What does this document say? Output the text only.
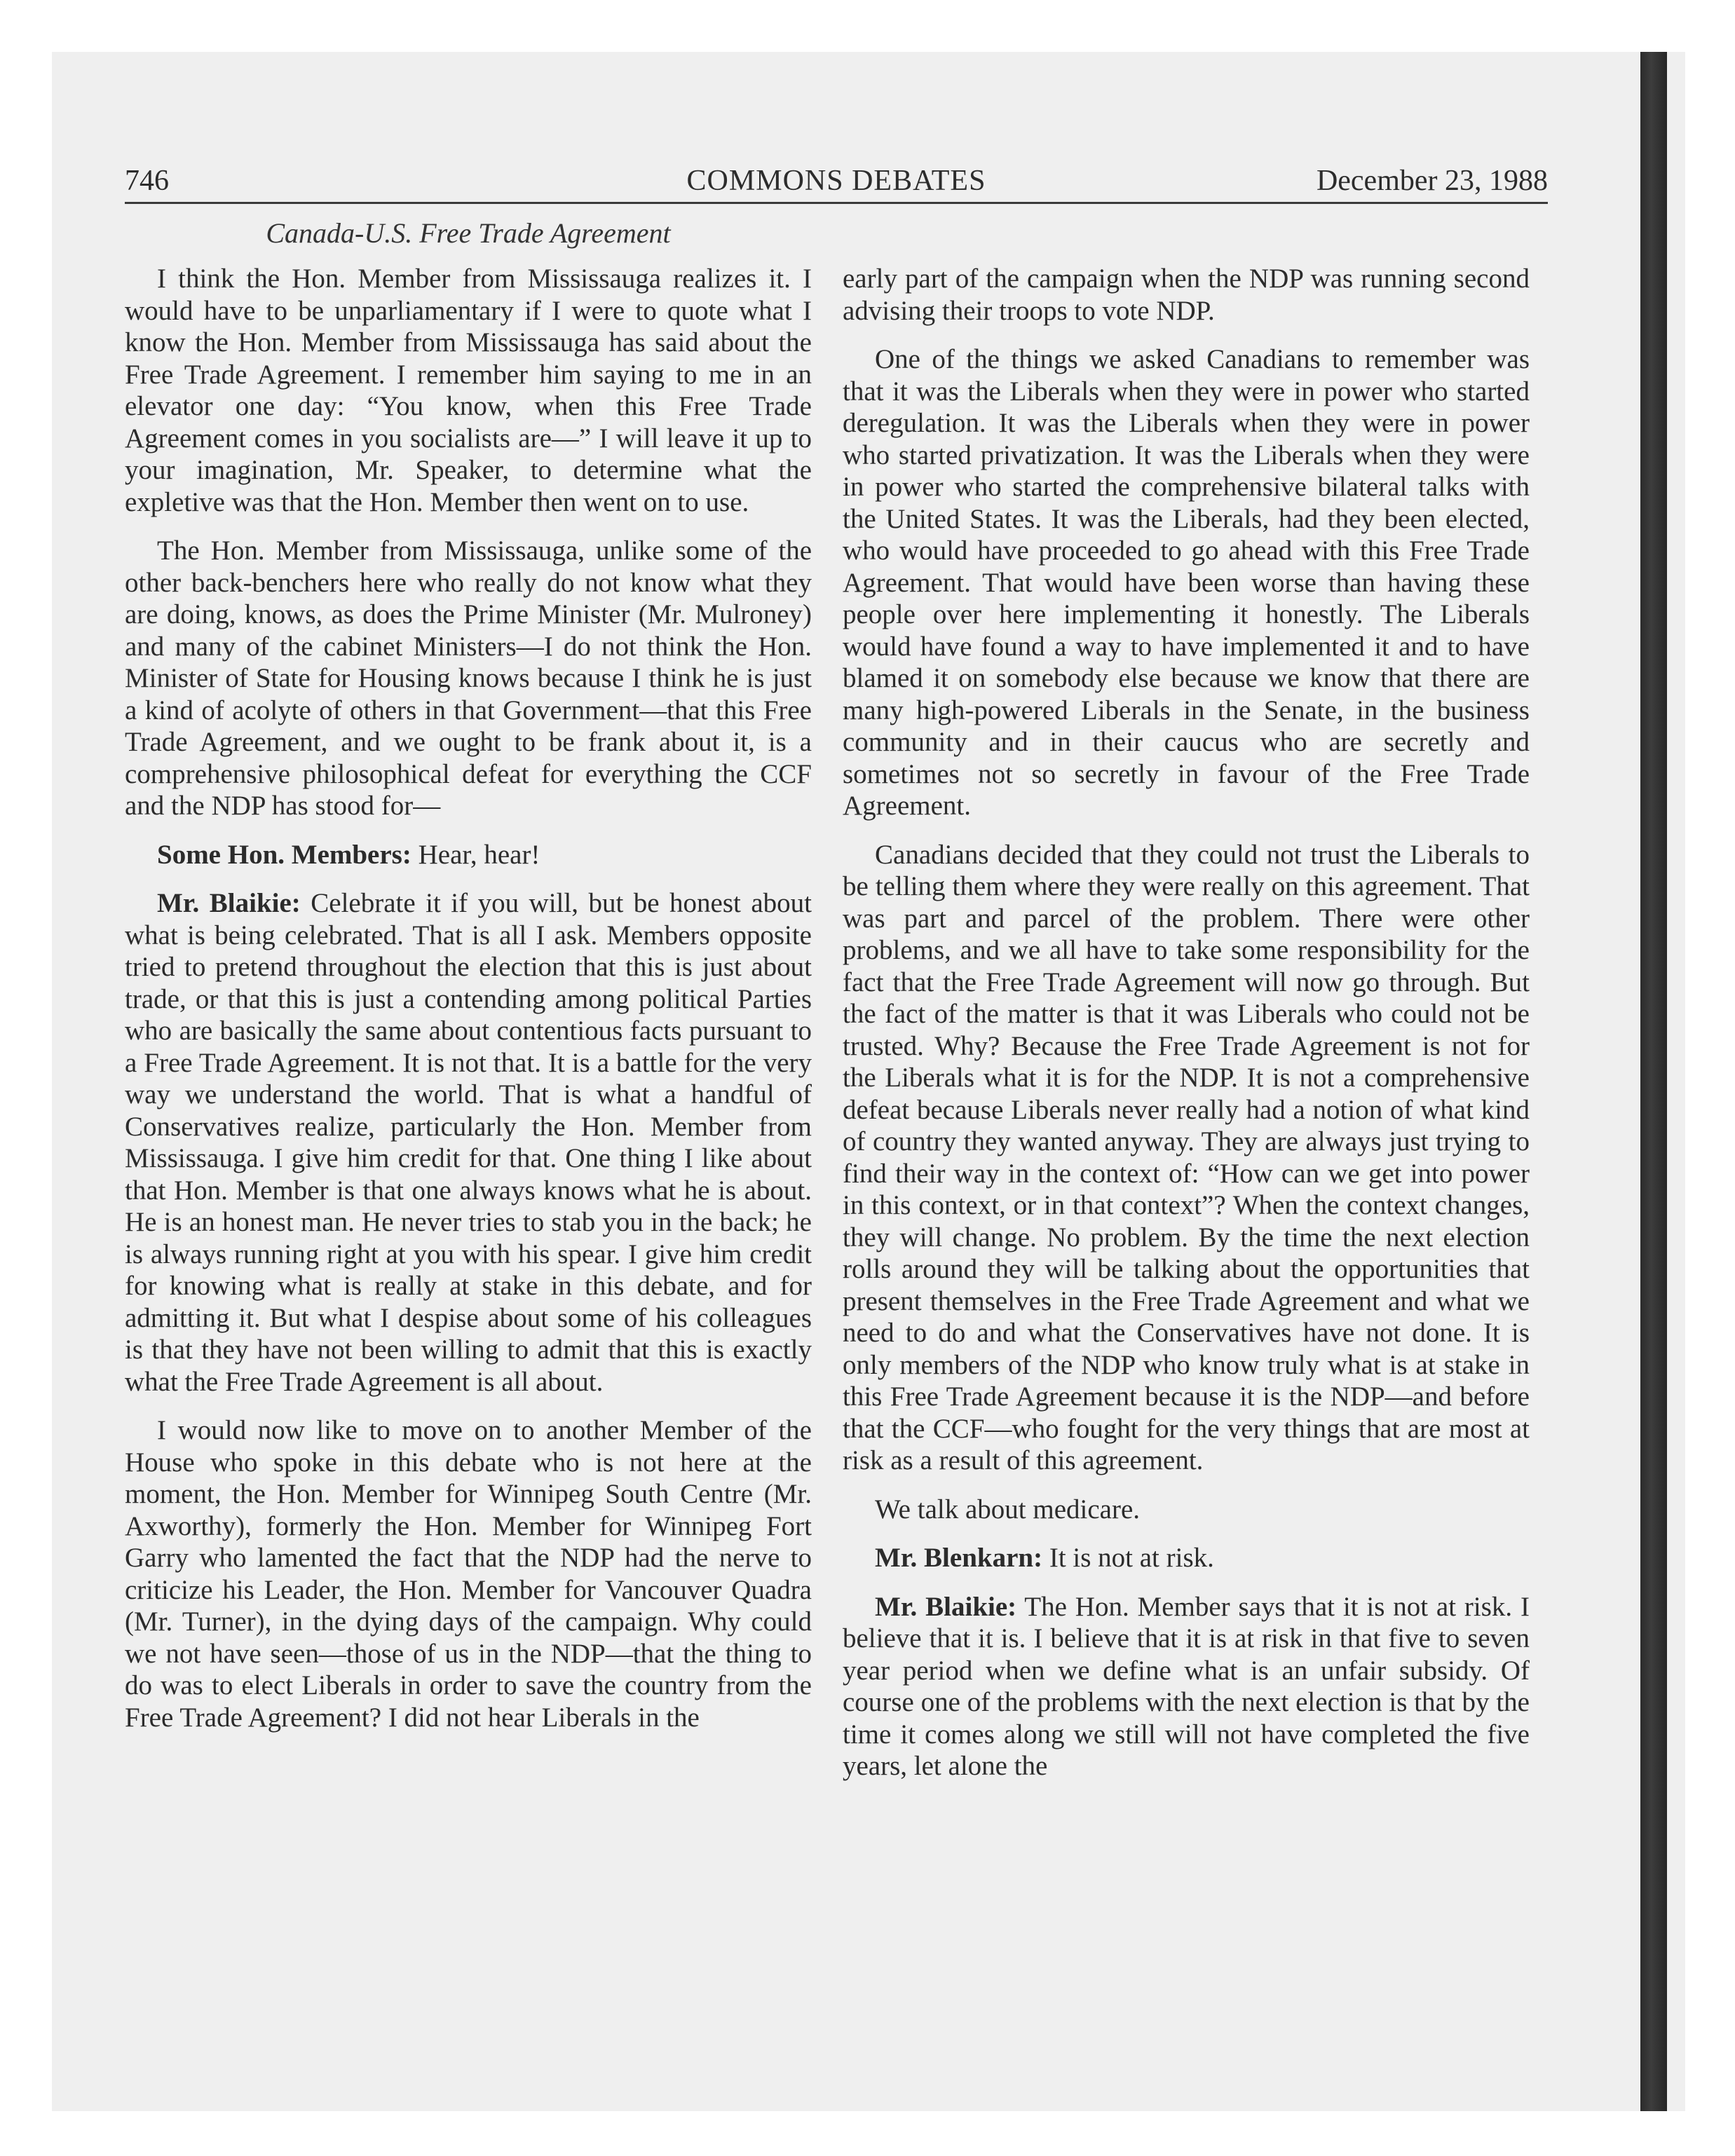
746	COMMONS DEBATES	December 23, 1988
Canada-U.S. Free Trade Agreement

I think the Hon. Member from Mississauga realizes it. I would have to be unparliamentary if I were to quote what I know the Hon. Member from Mississauga has said about the Free Trade Agreement. I remember him saying to me in an elevator one day: “You know, when this Free Trade Agreement comes in you socialists are—” I will leave it up to your imagination, Mr. Speaker, to determine what the expletive was that the Hon. Member then went on to use.

The Hon. Member from Mississauga, unlike some of the other back-benchers here who really do not know what they are doing, knows, as does the Prime Minister (Mr. Mulroney) and many of the cabinet Ministers—I do not think the Hon. Minister of State for Housing knows because I think he is just a kind of acolyte of others in that Government—that this Free Trade Agreement, and we ought to be frank about it, is a comprehensive philosophical defeat for everything the CCF and the NDP has stood for—

Some Hon. Members: Hear, hear!

Mr. Blaikie: Celebrate it if you will, but be honest about what is being celebrated. That is all I ask. Members opposite tried to pretend throughout the election that this is just about trade, or that this is just a contending among political Parties who are basically the same about contentious facts pursuant to a Free Trade Agreement. It is not that. It is a battle for the very way we understand the world. That is what a handful of Conservatives realize, particularly the Hon. Member from Mississauga. I give him credit for that. One thing I like about that Hon. Member is that one always knows what he is about. He is an honest man. He never tries to stab you in the back; he is always running right at you with his spear. I give him credit for knowing what is really at stake in this debate, and for admitting it. But what I despise about some of his colleagues is that they have not been willing to admit that this is exactly what the Free Trade Agreement is all about.

I would now like to move on to another Member of the House who spoke in this debate who is not here at the moment, the Hon. Member for Winnipeg South Centre (Mr. Axworthy), formerly the Hon. Member for Winnipeg Fort Garry who lamented the fact that the NDP had the nerve to criticize his Leader, the Hon. Member for Vancouver Quadra (Mr. Turner), in the dying days of the campaign. Why could we not have seen—those of us in the NDP—that the thing to do was to elect Liberals in order to save the country from the Free Trade Agreement? I did not hear Liberals in the

early part of the campaign when the NDP was running second advising their troops to vote NDP.

One of the things we asked Canadians to remember was that it was the Liberals when they were in power who started deregulation. It was the Liberals when they were in power who started privatization. It was the Liberals when they were in power who started the comprehensive bilateral talks with the United States. It was the Liberals, had they been elected, who would have proceeded to go ahead with this Free Trade Agreement. That would have been worse than having these people over here implementing it honestly. The Liberals would have found a way to have implemented it and to have blamed it on somebody else because we know that there are many high-powered Liberals in the Senate, in the business community and in their caucus who are secretly and sometimes not so secretly in favour of the Free Trade Agreement.

Canadians decided that they could not trust the Liberals to be telling them where they were really on this agreement. That was part and parcel of the problem. There were other problems, and we all have to take some responsibility for the fact that the Free Trade Agreement will now go through. But the fact of the matter is that it was Liberals who could not be trusted. Why? Because the Free Trade Agreement is not for the Liberals what it is for the NDP. It is not a comprehensive defeat because Liberals never really had a notion of what kind of country they wanted anyway. They are always just trying to find their way in the context of: “How can we get into power in this context, or in that context”? When the context changes, they will change. No problem. By the time the next election rolls around they will be talking about the opportunities that present themselves in the Free Trade Agreement and what we need to do and what the Conservatives have not done. It is only members of the NDP who know truly what is at stake in this Free Trade Agreement because it is the NDP—and before that the CCF—who fought for the very things that are most at risk as a result of this agreement.

We talk about medicare.

Mr. Blenkarn: It is not at risk.

Mr. Blaikie: The Hon. Member says that it is not at risk. I believe that it is. I believe that it is at risk in that five to seven year period when we define what is an unfair subsidy. Of course one of the problems with the next election is that by the time it comes along we still will not have completed the five years, let alone the
